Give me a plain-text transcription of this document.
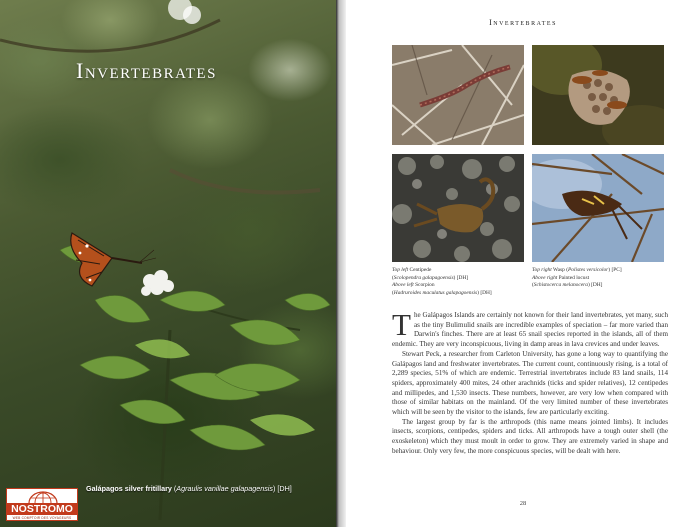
Invertebrates
Galápagos silver fritillary (Agraulis vanillae galapagensis) [DH]
NOSTROMO
WEB COMPTOIR DES VOYAGEURS
Invertebrates
Top left Centipede
(Scolopendra galapagoensis) [DH]
Above left Scorpion
(Hadruroides maculatus galapagoensis) [DH]
Top right Wasp (Polistes versicolor) [PC]
Above right Painted locust
(Schistocerca melanocera) [DH]

The Galápagos Islands are certainly not known for their land invertebrates, yet many, such as the tiny Bulimulid snails are incredible examples of speciation – far more varied than Darwin's finches. There are at least 65 snail species reported in the islands, all of them endemic. They are very inconspicuous, living in damp areas in lava crevices and under leaves.

Stewart Peck, a researcher from Carleton University, has gone a long way to quantifying the Galápagos land and freshwater invertebrates. The current count, continuously rising, is a total of 2,289 species, 51% of which are endemic. Terrestrial invertebrates include 83 land snails, 114 spiders, approximately 400 mites, 24 other arachnids (ticks and spider relatives), 12 centipedes and millipedes, and 1,530 insects. These numbers, however, are very low when compared with those of similar habitats on the mainland. Of the very limited number of these invertebrates which will be seen by the visitor to the islands, few are particularly exciting.

The largest group by far is the arthropods (this name means jointed limbs). It includes insects, scorpions, centipedes, spiders and ticks. All arthropods have a tough outer shell (the exoskeleton) which they must moult in order to grow. They are extremely varied in shape and behaviour. Only very few, the more conspicuous species, will be dealt with here.

28
